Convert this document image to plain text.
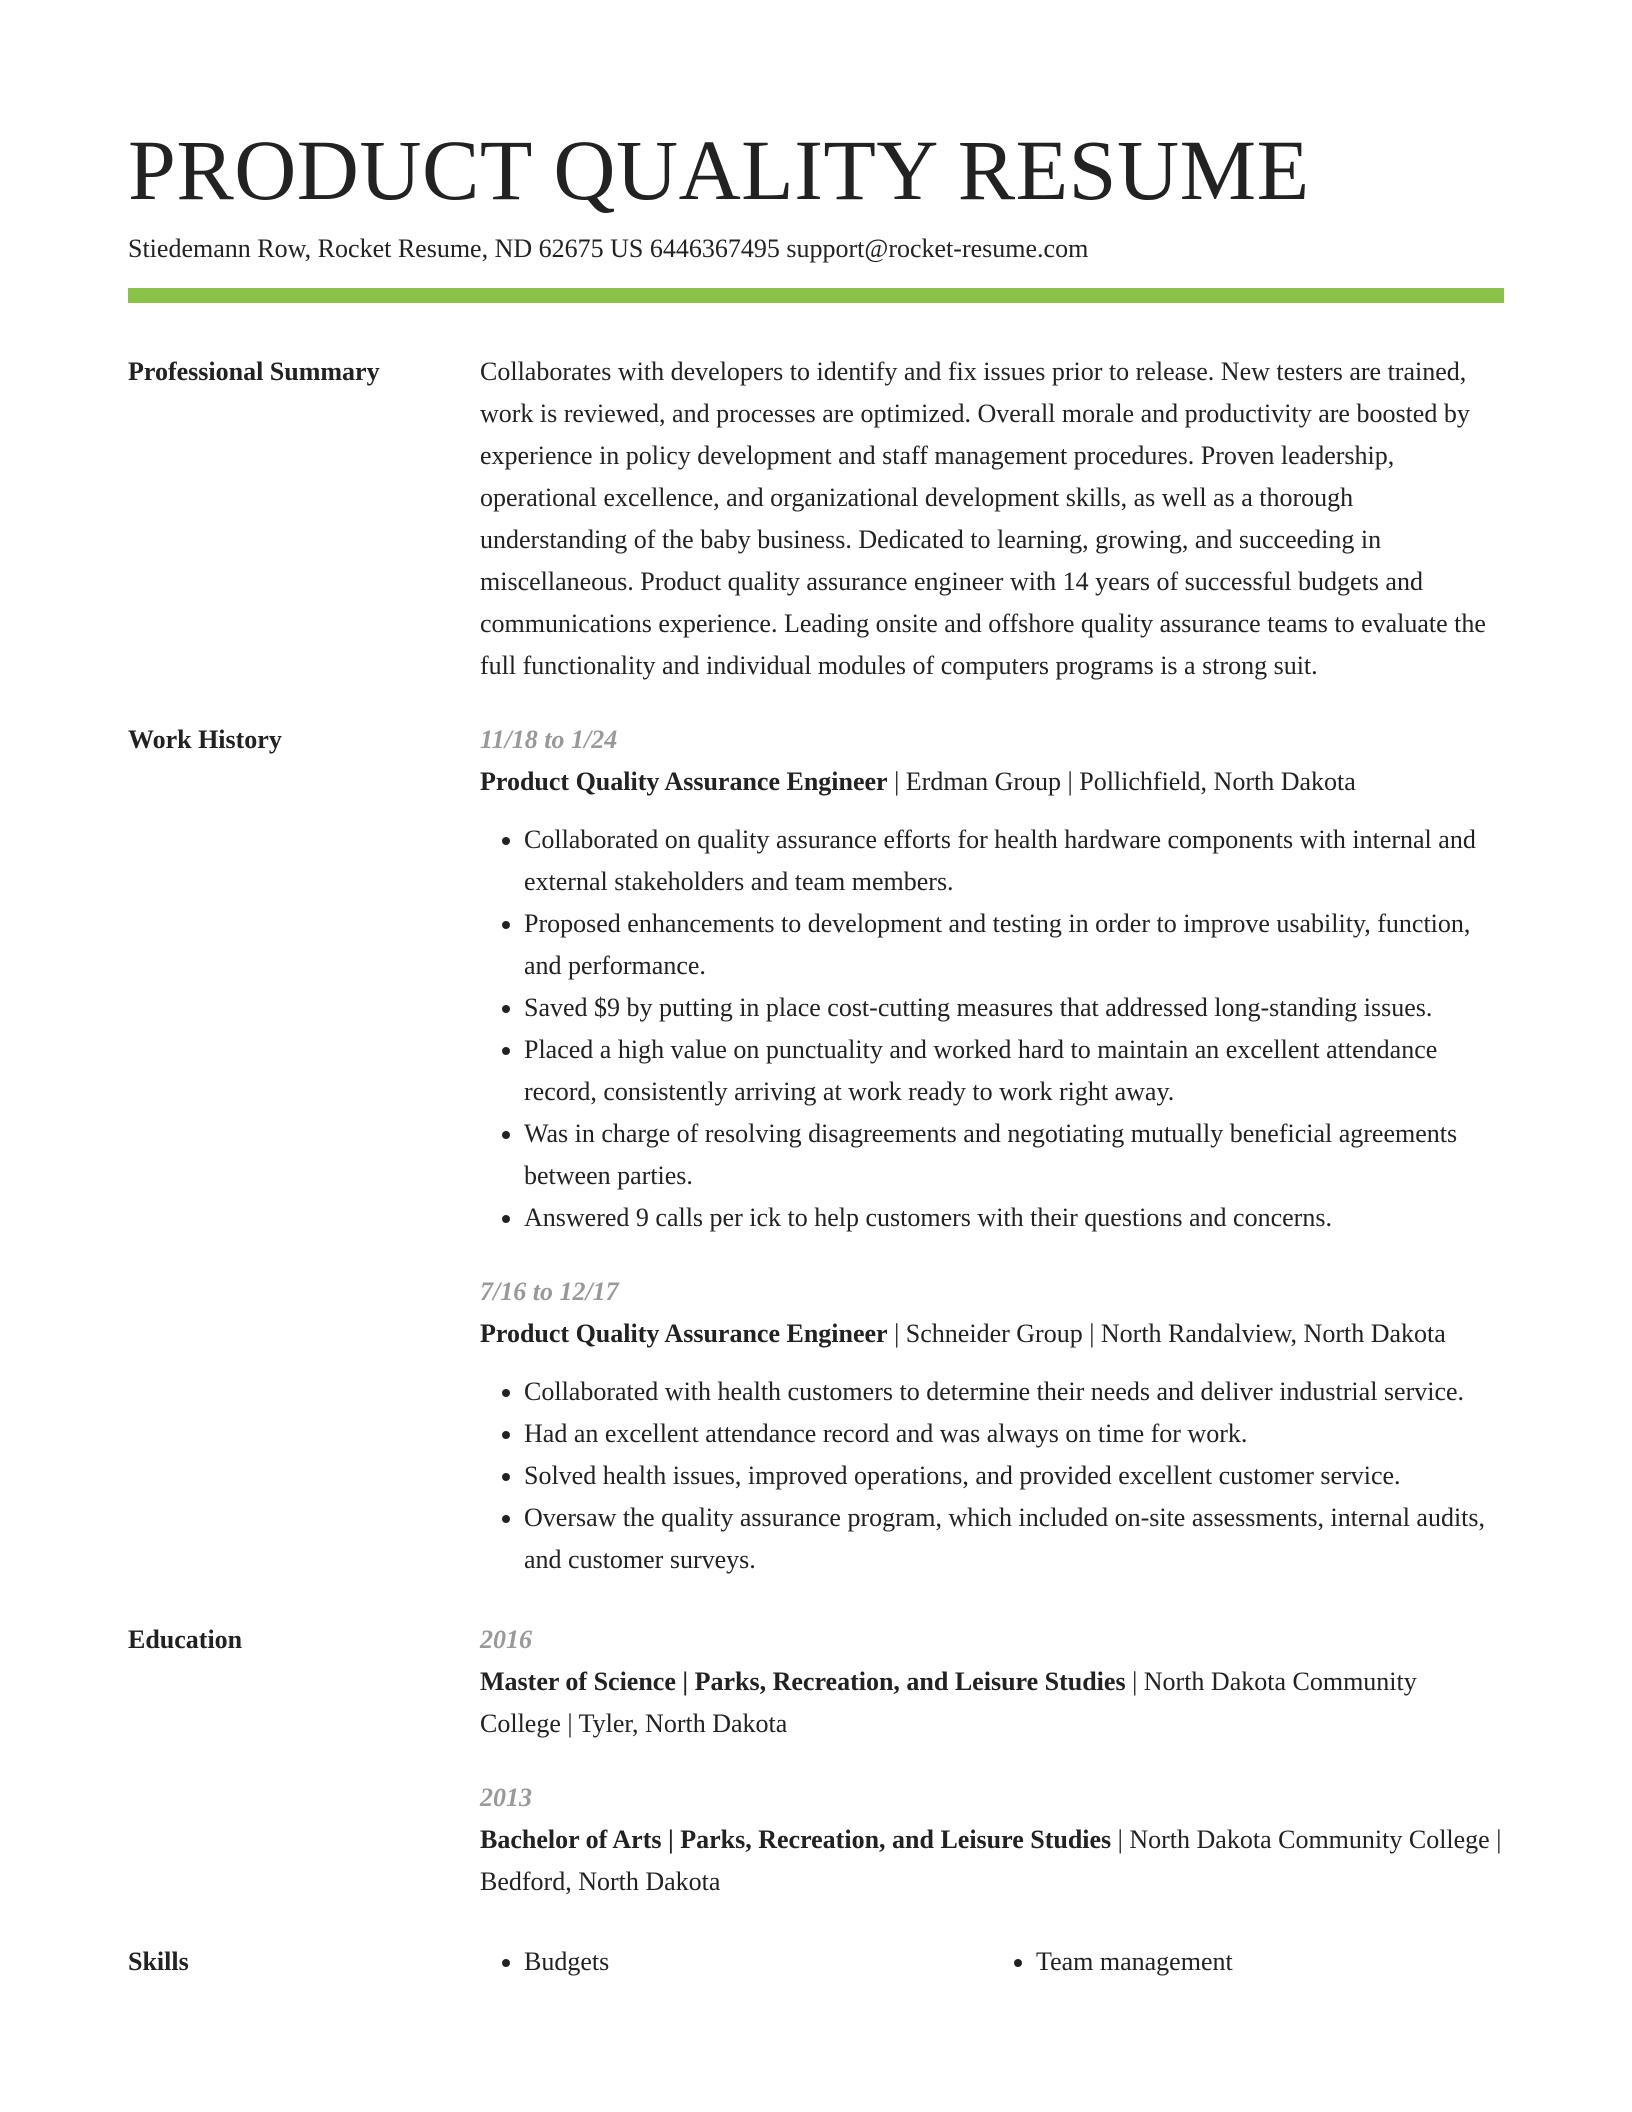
PRODUCT QUALITY RESUME
Stiedemann Row, Rocket Resume, ND 62675 US 6446367495 support@rocket-resume.com
Professional Summary	Collaborates with developers to identify and fix issues prior to release. New testers are trained, work is reviewed, and processes are optimized. Overall morale and productivity are boosted by experience in policy development and staff management procedures. Proven leadership, operational excellence, and organizational development skills, as well as a thorough understanding of the baby business. Dedicated to learning, growing, and succeeding in miscellaneous. Product quality assurance engineer with 14 years of successful budgets and communications experience. Leading onsite and offshore quality assurance teams to evaluate the full functionality and individual modules of computers programs is a strong suit.
Work History	11/18 to 1/24
Product Quality Assurance Engineer | Erdman Group | Pollichfield, North Dakota
• Collaborated on quality assurance efforts for health hardware components with internal and external stakeholders and team members.
• Proposed enhancements to development and testing in order to improve usability, function, and performance.
• Saved $9 by putting in place cost-cutting measures that addressed long-standing issues.
• Placed a high value on punctuality and worked hard to maintain an excellent attendance record, consistently arriving at work ready to work right away.
• Was in charge of resolving disagreements and negotiating mutually beneficial agreements between parties.
• Answered 9 calls per ick to help customers with their questions and concerns.
7/16 to 12/17
Product Quality Assurance Engineer | Schneider Group | North Randalview, North Dakota
• Collaborated with health customers to determine their needs and deliver industrial service.
• Had an excellent attendance record and was always on time for work.
• Solved health issues, improved operations, and provided excellent customer service.
• Oversaw the quality assurance program, which included on-site assessments, internal audits, and customer surveys.
Education	2016
Master of Science | Parks, Recreation, and Leisure Studies | North Dakota Community College | Tyler, North Dakota
2013
Bachelor of Arts | Parks, Recreation, and Leisure Studies | North Dakota Community College | Bedford, North Dakota
Skills	• Budgets	• Team management
